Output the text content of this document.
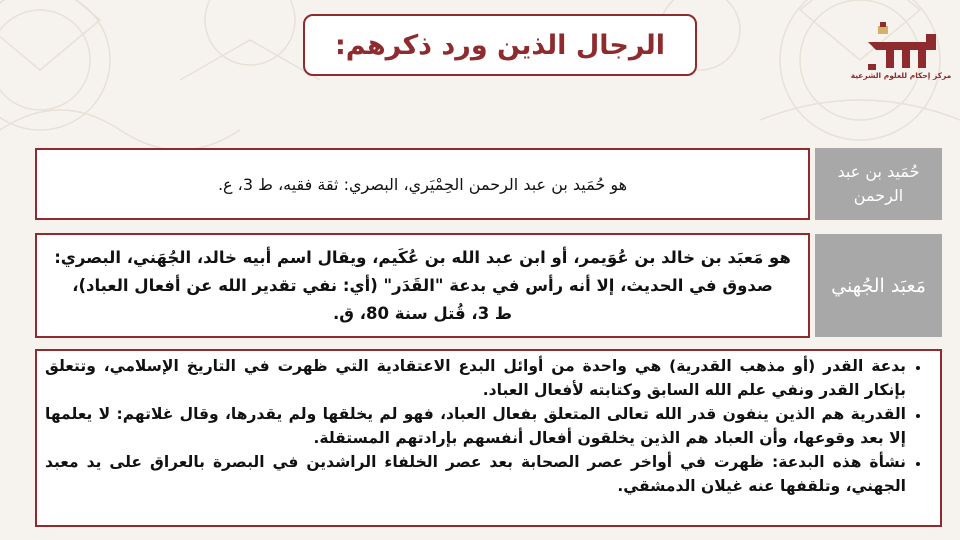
الرجال الذين ورد ذكرهم:
مركز إحكام للعلوم الشرعية
هو حُمَيد بن عبد الرحمن الحِمْيَري، البصري: ثقة فقيه، ط 3، ع.
حُمَيد بن عبد الرحمن
هو مَعبَد بن خالد بن عُوَيمر، أو ابن عبد الله بن عُكَيم، ويقال اسم أبيه خالد، الجُهَني، البصري:
صدوق في الحديث، إلا أنه رأس في بدعة "القَدَر" (أي: نفي تقدير الله عن أفعال العباد)،
ط 3، قُتل سنة 80، ق.
مَعبَد الجُهني
• بدعة القدر (أو مذهب القدرية) هي واحدة من أوائل البدع الاعتقادية التي ظهرت في التاريخ الإسلامي، وتتعلق بإنكار القدر ونفي علم الله السابق وكتابته لأفعال العباد.
• القدرية هم الذين ينفون قدر الله تعالى المتعلق بفعال العباد، فهو لم يخلقها ولم يقدرها، وقال غلاتهم: لا يعلمها إلا بعد وقوعها، وأن العباد هم الذين يخلقون أفعال أنفسهم بإرادتهم المستقلة.
• نشأة هذه البدعة: ظهرت في أواخر عصر الصحابة بعد عصر الخلفاء الراشدين في البصرة بالعراق على يد معبد الجهني، وتلقفها عنه غيلان الدمشقي.
